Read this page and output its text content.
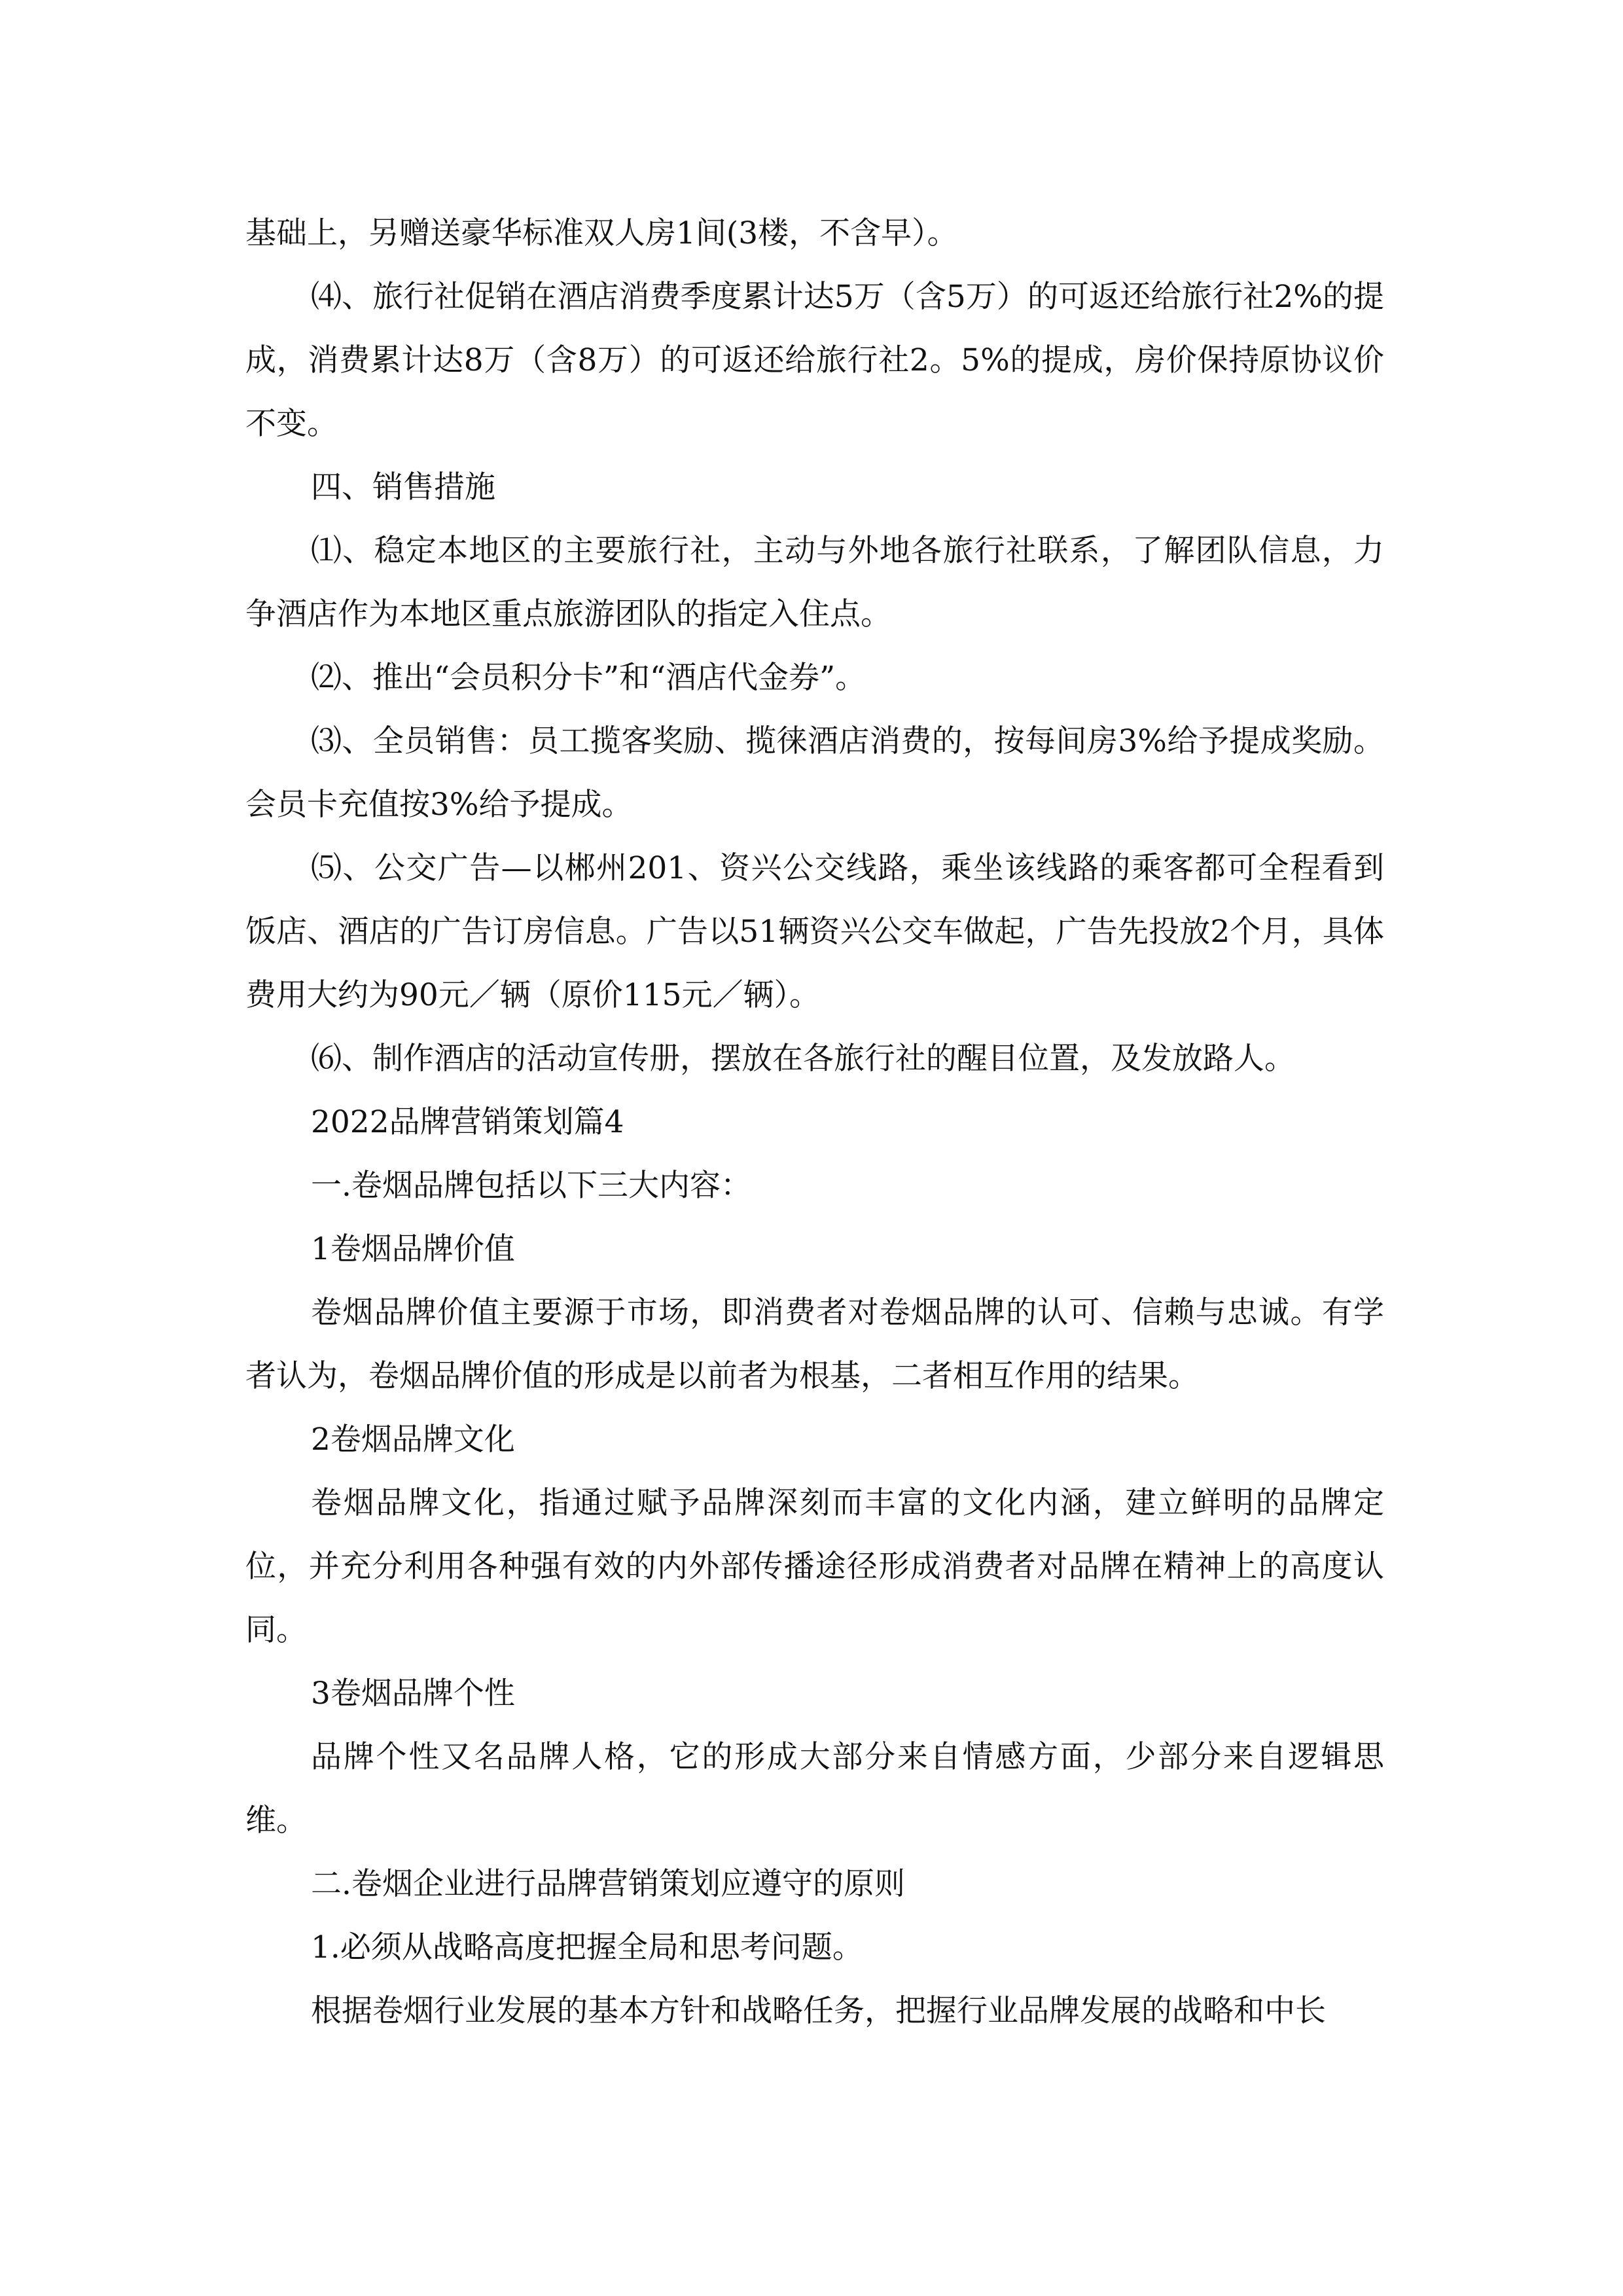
基础上，另赠送豪华标准双人房1间(3楼，不含早）。

⑷、旅行社促销在酒店消费季度累计达5万（含5万）的可返还给旅行社2%的提成，消费累计达8万（含8万）的可返还给旅行社2。5%的提成，房价保持原协议价不变。

四、销售措施

⑴、稳定本地区的主要旅行社，主动与外地各旅行社联系，了解团队信息，力争酒店作为本地区重点旅游团队的指定入住点。

⑵、推出“会员积分卡”和“酒店代金券”。

⑶、全员销售：员工揽客奖励、揽徕酒店消费的，按每间房3%给予提成奖励。会员卡充值按3%给予提成。

⑸、公交广告—以郴州201、资兴公交线路，乘坐该线路的乘客都可全程看到饭店、酒店的广告订房信息。广告以51辆资兴公交车做起，广告先投放2个月，具体费用大约为90元／辆（原价115元／辆）。

⑹、制作酒店的活动宣传册，摆放在各旅行社的醒目位置，及发放路人。

2022品牌营销策划篇4

一.卷烟品牌包括以下三大内容：

1卷烟品牌价值

卷烟品牌价值主要源于市场，即消费者对卷烟品牌的认可、信赖与忠诚。有学者认为，卷烟品牌价值的形成是以前者为根基，二者相互作用的结果。

2卷烟品牌文化

卷烟品牌文化，指通过赋予品牌深刻而丰富的文化内涵，建立鲜明的品牌定位，并充分利用各种强有效的内外部传播途径形成消费者对品牌在精神上的高度认同。

3卷烟品牌个性

品牌个性又名品牌人格，它的形成大部分来自情感方面，少部分来自逻辑思维。

二.卷烟企业进行品牌营销策划应遵守的原则

1.必须从战略高度把握全局和思考问题。

根据卷烟行业发展的基本方针和战略任务，把握行业品牌发展的战略和中长
